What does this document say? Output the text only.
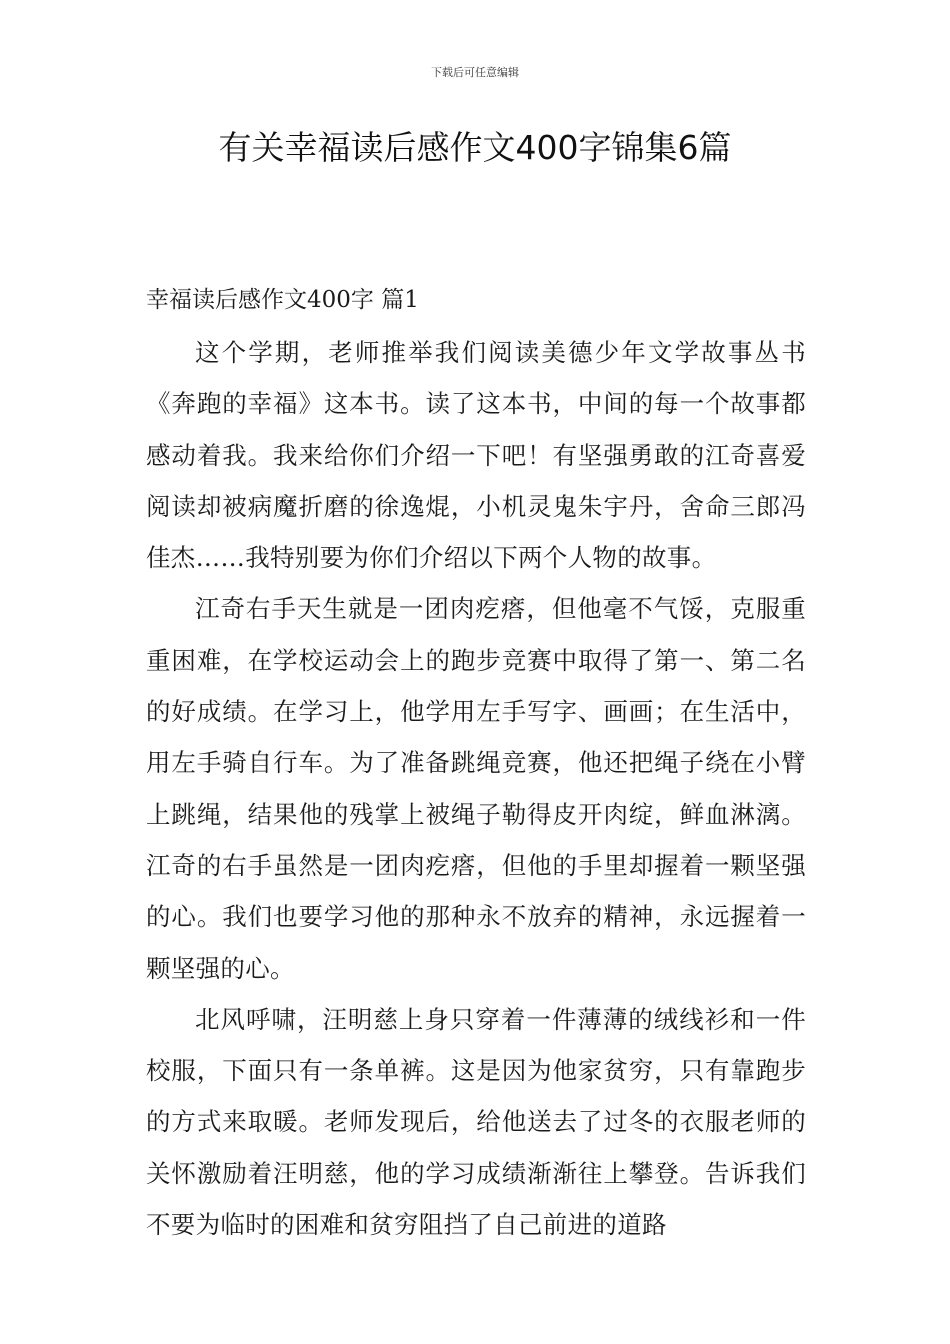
下载后可任意编辑
有关幸福读后感作文400字锦集6篇
幸福读后感作文400字 篇1

这个学期，老师推举我们阅读美德少年文学故事丛书《奔跑的幸福》这本书。读了这本书，中间的每一个故事都感动着我。我来给你们介绍一下吧！有坚强勇敢的江奇喜爱阅读却被病魔折磨的徐逸焜，小机灵鬼朱宇丹，舍命三郎冯佳杰……我特别要为你们介绍以下两个人物的故事。

江奇右手天生就是一团肉疙瘩，但他毫不气馁，克服重重困难，在学校运动会上的跑步竞赛中取得了第一、第二名的好成绩。在学习上，他学用左手写字、画画；在生活中，用左手骑自行车。为了准备跳绳竞赛，他还把绳子绕在小臂上跳绳，结果他的残掌上被绳子勒得皮开肉绽，鲜血淋漓。江奇的右手虽然是一团肉疙瘩，但他的手里却握着一颗坚强的心。我们也要学习他的那种永不放弃的精神，永远握着一颗坚强的心。

北风呼啸，汪明慈上身只穿着一件薄薄的绒线衫和一件校服，下面只有一条单裤。这是因为他家贫穷，只有靠跑步的方式来取暖。老师发现后，给他送去了过冬的衣服老师的关怀激励着汪明慈，他的学习成绩渐渐往上攀登。告诉我们不要为临时的困难和贫穷阻挡了自己前进的道路
